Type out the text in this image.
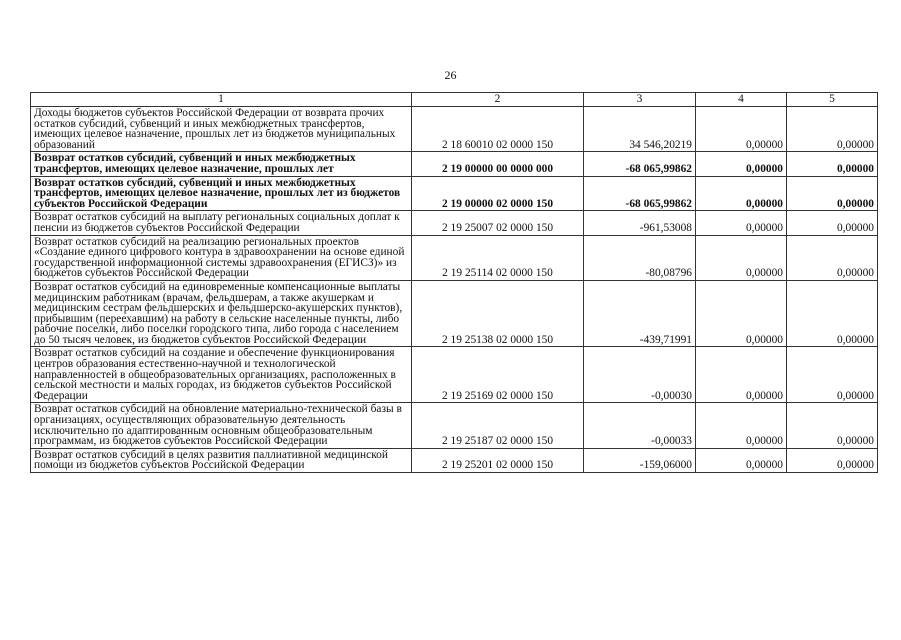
26
1	2	3	4	5
Доходы бюджетов субъектов Российской Федерации от возврата прочих остатков субсидий, субвенций и иных межбюджетных трансфертов, имеющих целевое назначение, прошлых лет из бюджетов муниципальных образований	2 18 60010 02 0000 150	34 546,20219	0,00000	0,00000
Возврат остатков субсидий, субвенций и иных межбюджетных трансфертов, имеющих целевое назначение, прошлых лет	2 19 00000 00 0000 000	-68 065,99862	0,00000	0,00000
Возврат остатков субсидий, субвенций и иных межбюджетных трансфертов, имеющих целевое назначение, прошлых лет из бюджетов субъектов Российской Федерации	2 19 00000 02 0000 150	-68 065,99862	0,00000	0,00000
Возврат остатков субсидий на выплату региональных социальных доплат к пенсии из бюджетов субъектов Российской Федерации	2 19 25007 02 0000 150	-961,53008	0,00000	0,00000
Возврат остатков субсидий на реализацию региональных проектов «Создание единого цифрового контура в здравоохранении на основе единой государственной информационной системы здравоохранения (ЕГИСЗ)» из бюджетов субъектов Российской Федерации	2 19 25114 02 0000 150	-80,08796	0,00000	0,00000
Возврат остатков субсидий на единовременные компенсационные выплаты медицинским работникам (врачам, фельдшерам, а также акушеркам и медицинским сестрам фельдшерских и фельдшерско-акушерских пунктов), прибывшим (переехавшим) на работу в сельские населенные пункты, либо рабочие поселки, либо поселки городского типа, либо города с населением до 50 тысяч человек, из бюджетов субъектов Российской Федерации	2 19 25138 02 0000 150	-439,71991	0,00000	0,00000
Возврат остатков субсидий на создание и обеспечение функционирования центров образования естественно-научной и технологической направленностей в общеобразовательных организациях, расположенных в сельской местности и малых городах, из бюджетов субъектов Российской Федерации	2 19 25169 02 0000 150	-0,00030	0,00000	0,00000
Возврат остатков субсидий на обновление материально-технической базы в организациях, осуществляющих образовательную деятельность исключительно по адаптированным основным общеобразовательным программам, из бюджетов субъектов Российской Федерации	2 19 25187 02 0000 150	-0,00033	0,00000	0,00000
Возврат остатков субсидий в целях развития паллиативной медицинской помощи из бюджетов субъектов Российской Федерации	2 19 25201 02 0000 150	-159,06000	0,00000	0,00000
